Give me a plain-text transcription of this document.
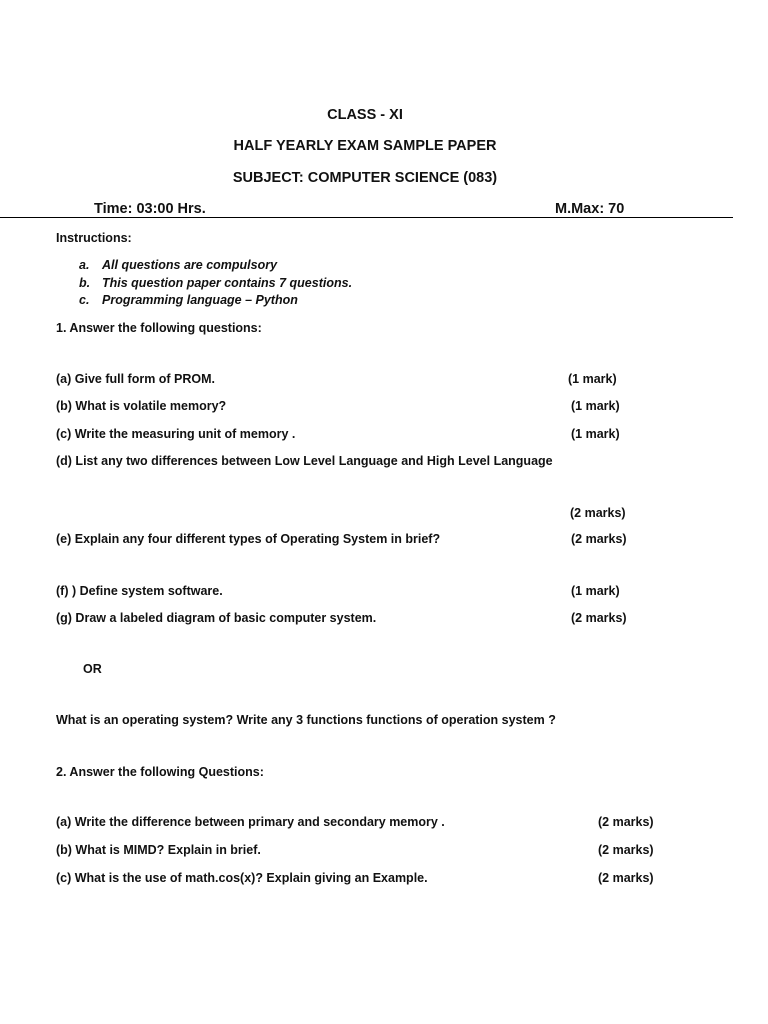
CLASS - XI
HALF YEARLY EXAM SAMPLE PAPER
SUBJECT: COMPUTER SCIENCE (083)
Time: 03:00 Hrs.	M.Max: 70
Instructions:
a. All questions are compulsory
b. This question paper contains 7 questions.
c. Programming language – Python
1. Answer the following questions:
(a) Give full form of PROM.	(1 mark)
(b) What is volatile memory?	(1 mark)
(c) Write the measuring unit of memory .	(1 mark)
(d) List any two differences between Low Level Language and High Level Language
(2 marks)
(e) Explain any four different types of Operating System in brief?	(2 marks)
(f) ) Define system software.	(1 mark)
(g) Draw a labeled diagram of basic computer system.	(2 marks)
OR
What is an operating system? Write any 3 functions functions of operation system ?
2. Answer the following Questions:
(a) Write the difference between primary and secondary memory .	(2 marks)
(b) What is MIMD? Explain in brief.	(2 marks)
(c) What is the use of math.cos(x)? Explain giving an Example.	(2 marks)
